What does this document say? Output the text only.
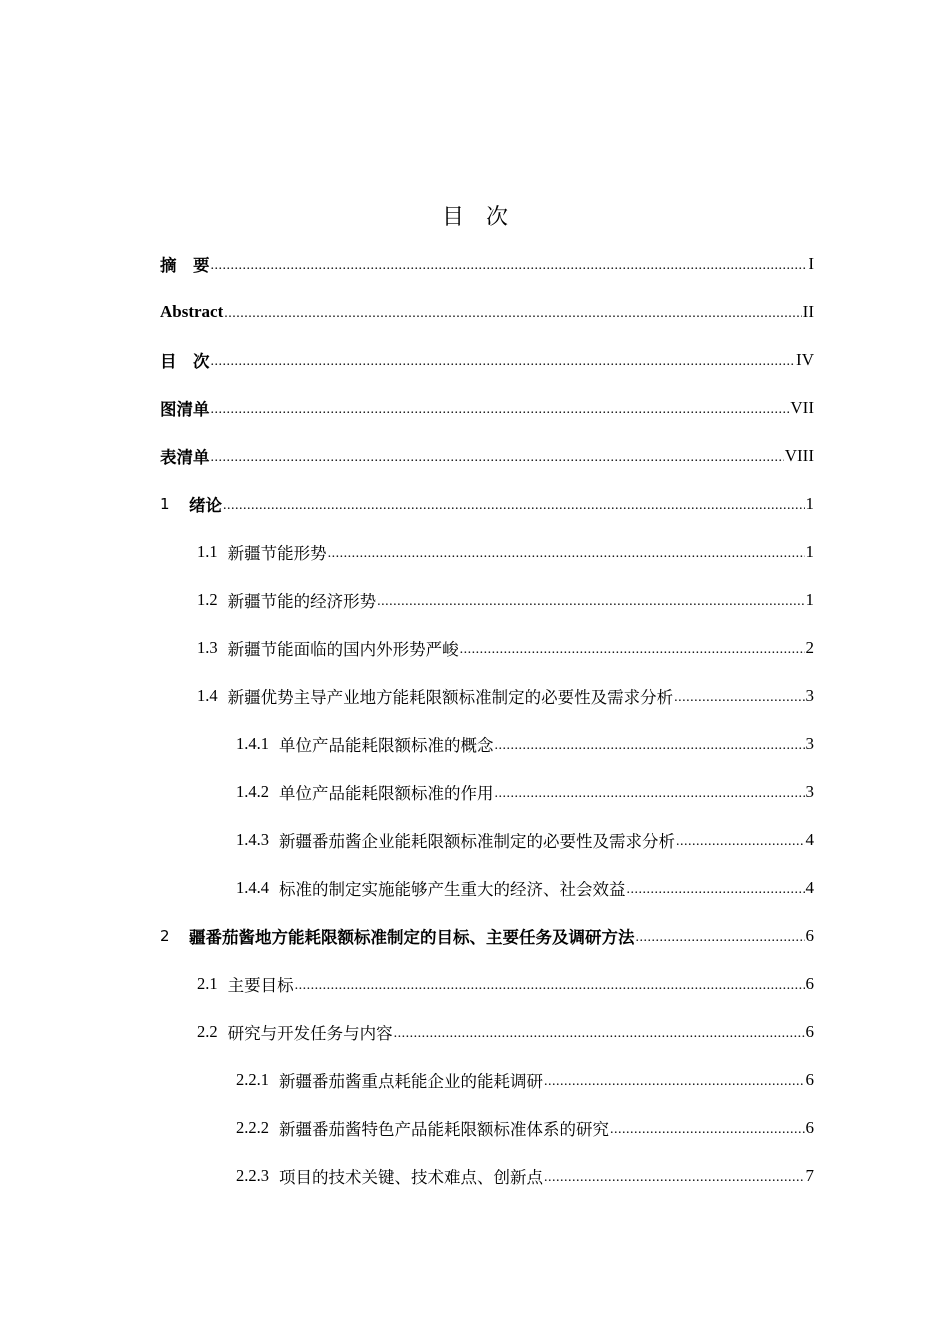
目　次
摘　要 .....	I
Abstract .....	II
目　次 .....	IV
图清单 .....	VII
表清单 .....	VIII
1	绪论 .....	1
1.1 新疆节能形势 .....	1
1.2 新疆节能的经济形势 .....	1
1.3 新疆节能面临的国内外形势严峻 .....	2
1.4 新疆优势主导产业地方能耗限额标准制定的必要性及需求分析 .....	3
1.4.1 单位产品能耗限额标准的概念 .....	3
1.4.2 单位产品能耗限额标准的作用 .....	3
1.4.3 新疆番茄酱企业能耗限额标准制定的必要性及需求分析 .....	4
1.4.4 标准的制定实施能够产生重大的经济、社会效益 .....	4
2	疆番茄酱地方能耗限额标准制定的目标、主要任务及调研方法 .....	6
2.1 主要目标 .....	6
2.2 研究与开发任务与内容 .....	6
2.2.1 新疆番茄酱重点耗能企业的能耗调研 .....	6
2.2.2 新疆番茄酱特色产品能耗限额标准体系的研究 .....	6
2.2.3 项目的技术关键、技术难点、创新点 .....	7
